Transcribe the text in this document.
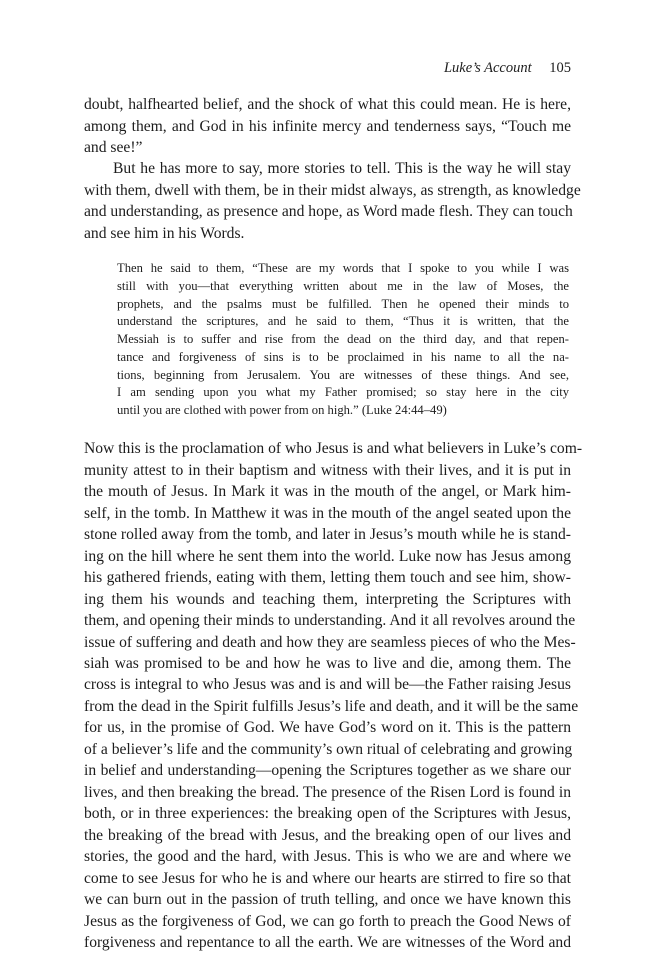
Luke’s Account 105
doubt, halfhearted belief, and the shock of what this could mean. He is here,
among them, and God in his infinite mercy and tenderness says, “Touch me
and see!”
But he has more to say, more stories to tell. This is the way he will stay
with them, dwell with them, be in their midst always, as strength, as knowledge
and understanding, as presence and hope, as Word made flesh. They can touch
and see him in his Words.
Then he said to them, “These are my words that I spoke to you while I was
still with you—that everything written about me in the law of Moses, the
prophets, and the psalms must be fulfilled. Then he opened their minds to
understand the scriptures, and he said to them, “Thus it is written, that the
Messiah is to suffer and rise from the dead on the third day, and that repen-
tance and forgiveness of sins is to be proclaimed in his name to all the na-
tions, beginning from Jerusalem. You are witnesses of these things. And see,
I am sending upon you what my Father promised; so stay here in the city
until you are clothed with power from on high.” (Luke 24:44–49)
Now this is the proclamation of who Jesus is and what believers in Luke’s com-
munity attest to in their baptism and witness with their lives, and it is put in
the mouth of Jesus. In Mark it was in the mouth of the angel, or Mark him-
self, in the tomb. In Matthew it was in the mouth of the angel seated upon the
stone rolled away from the tomb, and later in Jesus’s mouth while he is stand-
ing on the hill where he sent them into the world. Luke now has Jesus among
his gathered friends, eating with them, letting them touch and see him, show-
ing them his wounds and teaching them, interpreting the Scriptures with
them, and opening their minds to understanding. And it all revolves around the
issue of suffering and death and how they are seamless pieces of who the Mes-
siah was promised to be and how he was to live and die, among them. The
cross is integral to who Jesus was and is and will be—the Father raising Jesus
from the dead in the Spirit fulfills Jesus’s life and death, and it will be the same
for us, in the promise of God. We have God’s word on it. This is the pattern
of a believer’s life and the community’s own ritual of celebrating and growing
in belief and understanding—opening the Scriptures together as we share our
lives, and then breaking the bread. The presence of the Risen Lord is found in
both, or in three experiences: the breaking open of the Scriptures with Jesus,
the breaking of the bread with Jesus, and the breaking open of our lives and
stories, the good and the hard, with Jesus. This is who we are and where we
come to see Jesus for who he is and where our hearts are stirred to fire so that
we can burn out in the passion of truth telling, and once we have known this
Jesus as the forgiveness of God, we can go forth to preach the Good News of
forgiveness and repentance to all the earth. We are witnesses of the Word and
